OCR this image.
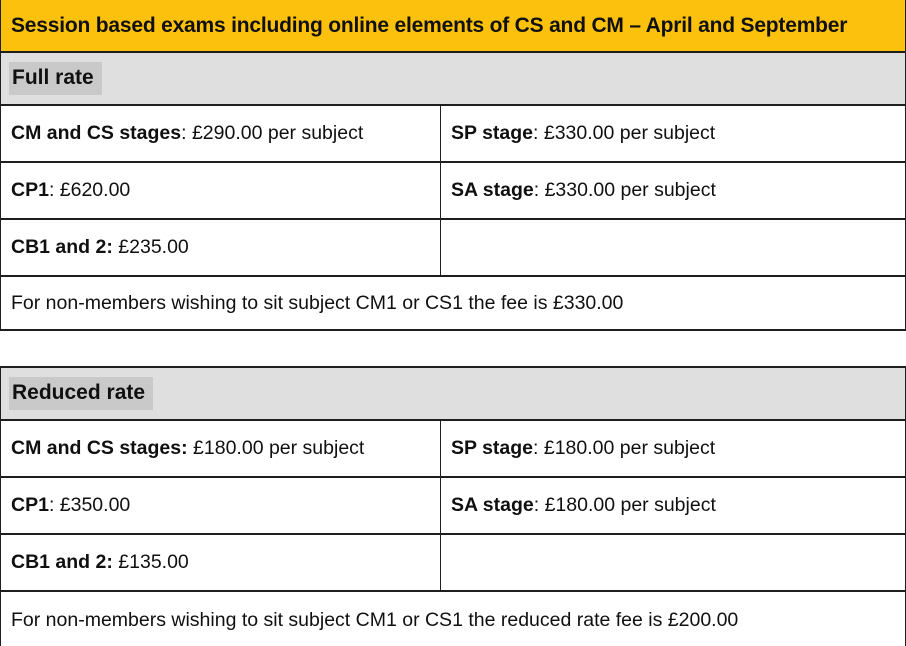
Session based exams including online elements of CS and CM – April and September
Full rate
CM and CS stages : £290.00 per subject	SP stage : £330.00 per subject
CP1 : £620.00	SA stage : £330.00 per subject
CB1 and 2: £235.00
For non-members wishing to sit subject CM1 or CS1 the fee is £330.00
Reduced rate
CM and CS stages: £180.00 per subject	SP stage : £180.00 per subject
CP1 : £350.00	SA stage : £180.00 per subject
CB1 and 2: £135.00
For non-members wishing to sit subject CM1 or CS1 the reduced rate fee is £200.00
